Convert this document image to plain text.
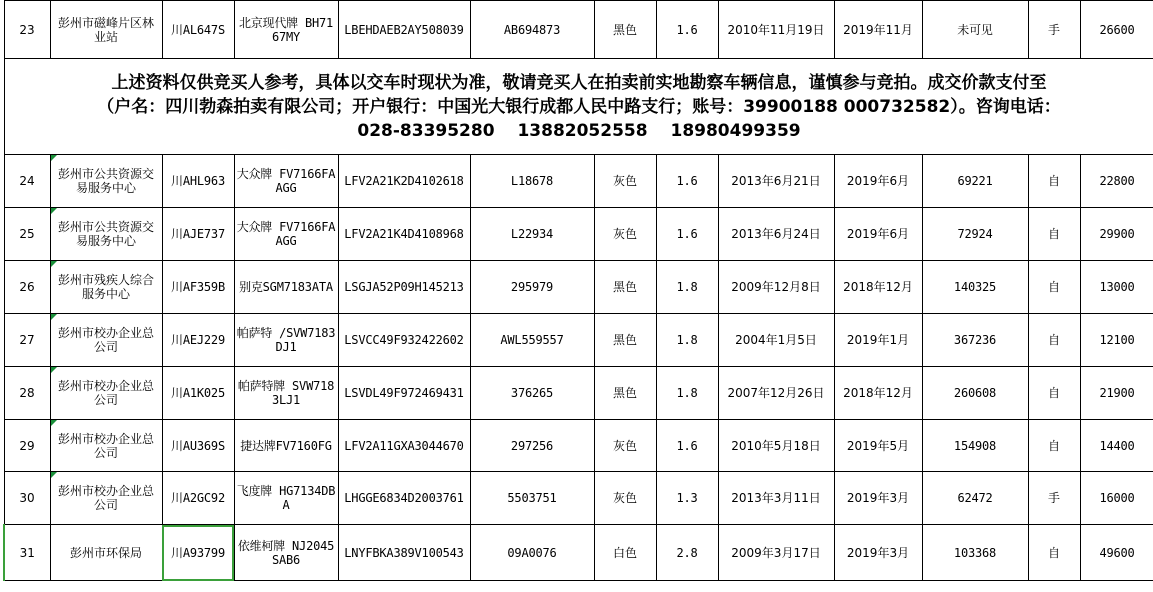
23	彭州市磁峰片区林业站	川AL647S	北京现代牌 BH7167MY	LBEHDAEB2AY508039	AB694873	黑色	1.6	2010年11月19日	2019年11月	未可见	手	26600

上述资料仅供竞买人参考，具体以交车时现状为准，敬请竞买人在拍卖前实地勘察车辆信息，谨慎参与竞拍。成交价款支付至
（户名：四川勃森拍卖有限公司；开户银行：中国光大银行成都人民中路支行；账号：39900188 000732582）。咨询电话：
028-83395280　 13882052558　 18980499359												

24	彭州市公共资源交易服务中心	川AHL963	大众牌 FV7166FAAGG	LFV2A21K2D4102618	L18678	灰色	1.6	2013年6月21日	2019年6月	69221	自	22800
25	彭州市公共资源交易服务中心	川AJE737	大众牌 FV7166FAAGG	LFV2A21K4D4108968	L22934	灰色	1.6	2013年6月24日	2019年6月	72924	自	29900
26	彭州市残疾人综合服务中心	川AF359B	别克SGM7183ATA	LSGJA52P09H145213	295979	黑色	1.8	2009年12月8日	2018年12月	140325	自	13000
27	彭州市校办企业总公司	川AEJ229	帕萨特 /SVW7183DJ1	LSVCC49F932422602	AWL559557	黑色	1.8	2004年1月5日	2019年1月	367236	自	12100
28	彭州市校办企业总公司	川A1K025	帕萨特牌 SVW7183LJ1	LSVDL49F972469431	376265	黑色	1.8	2007年12月26日	2018年12月	260608	自	21900
29	彭州市校办企业总公司	川AU369S	捷达牌FV7160FG	LFV2A11GXA3044670	297256	灰色	1.6	2010年5月18日	2019年5月	154908	自	14400
30	彭州市校办企业总公司	川A2GC92	飞度牌 HG7134DBA	LHGGE6834D2003761	5503751	灰色	1.3	2013年3月11日	2019年3月	62472	手	16000
31	彭州市环保局	川A93799	依维柯牌 NJ2045SAB6	LNYFBKA389V100543	09A0076	白色	2.8	2009年3月17日	2019年3月	103368	自	49600
